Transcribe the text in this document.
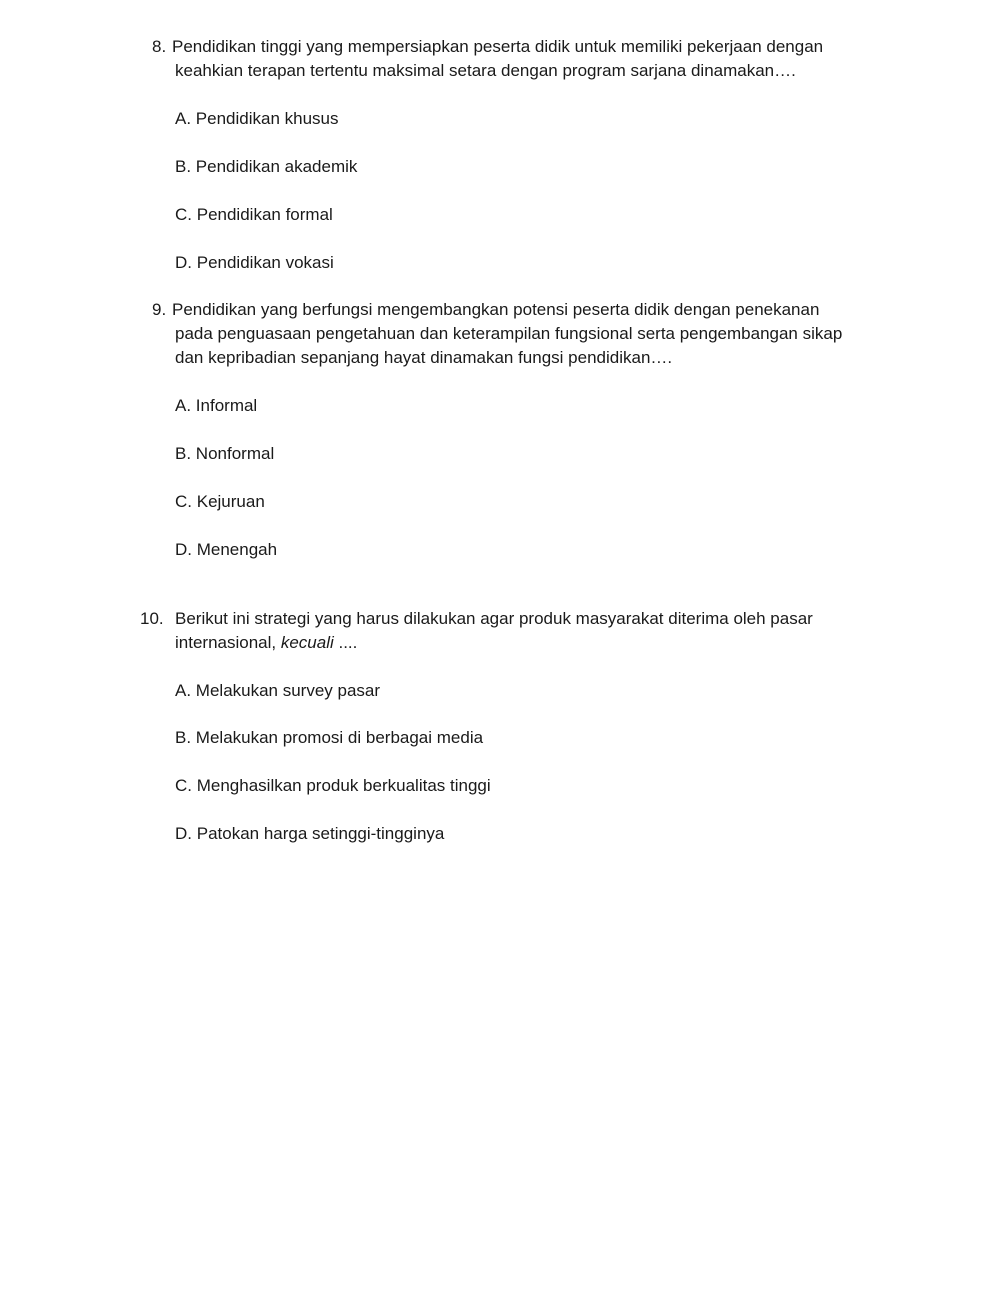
8. Pendidikan tinggi yang mempersiapkan peserta didik untuk memiliki pekerjaan dengan
keahkian terapan tertentu maksimal setara dengan program sarjana dinamakan….
A. Pendidikan khusus
B. Pendidikan akademik
C. Pendidikan formal
D. Pendidikan vokasi
9. Pendidikan yang berfungsi mengembangkan potensi peserta didik dengan penekanan
pada penguasaan pengetahuan dan keterampilan fungsional serta pengembangan sikap
dan kepribadian sepanjang hayat dinamakan fungsi pendidikan….
A. Informal
B. Nonformal
C. Kejuruan
D. Menengah
10. Berikut ini strategi yang harus dilakukan agar produk masyarakat diterima oleh pasar
internasional, kecuali ....
A. Melakukan survey pasar
B. Melakukan promosi di berbagai media
C. Menghasilkan produk berkualitas tinggi
D. Patokan harga setinggi-tingginya
